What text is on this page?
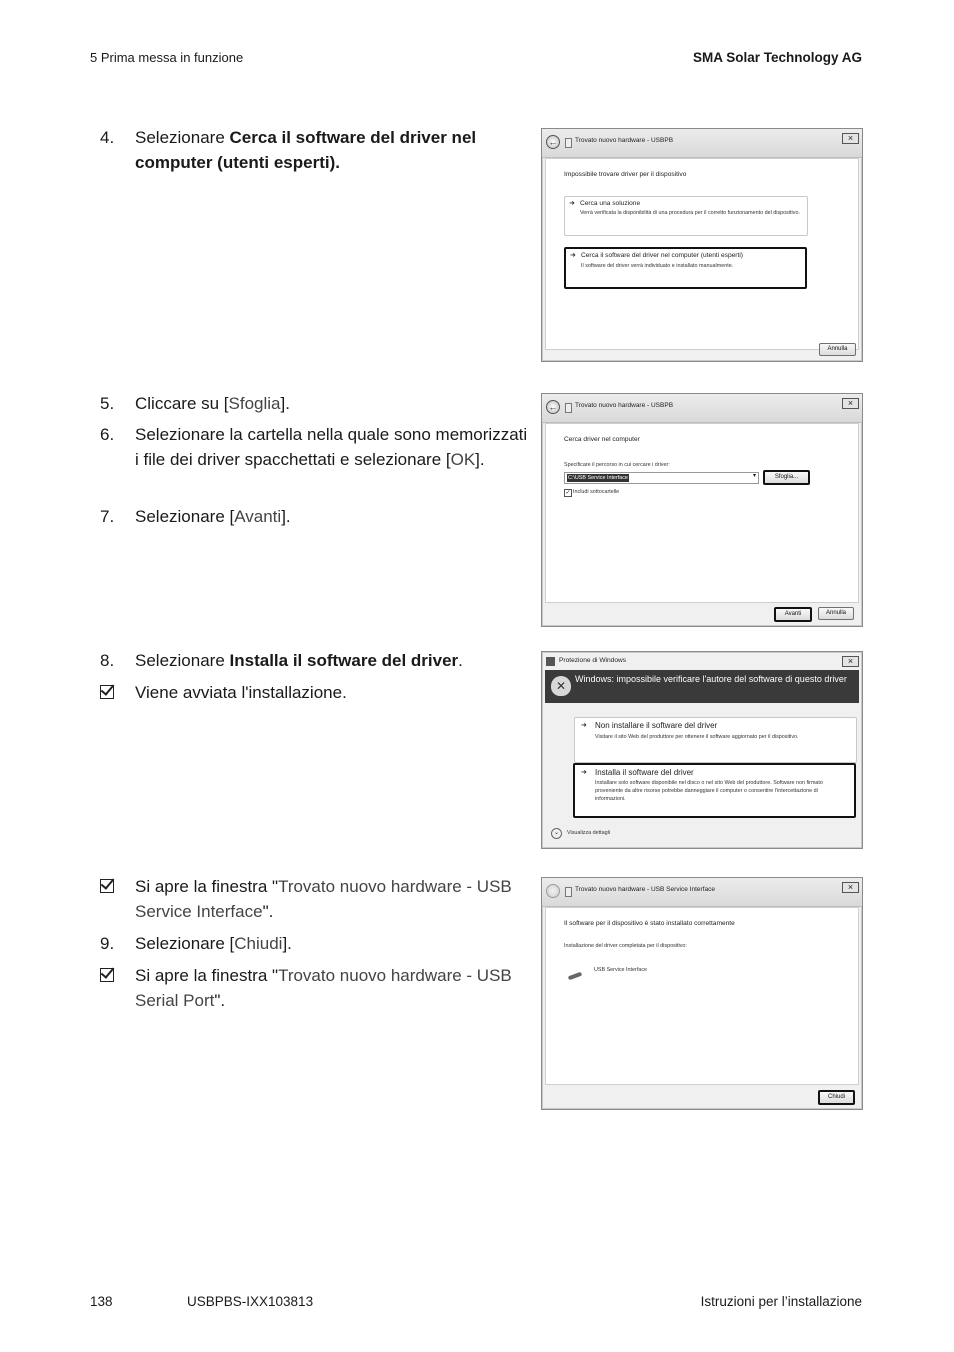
5 Prima messa in funzione	SMA Solar Technology AG
4.	Selezionare Cerca il software del driver nel computer (utenti esperti).
←	Trovato nuovo hardware - USBPB	×
Impossibile trovare driver per il dispositivo
➜ Cerca una soluzione
Verrà verificata la disponibilità di una procedura per il corretto funzionamento del dispositivo.
➜ Cerca il software del driver nel computer (utenti esperti)
Il software del driver verrà individuato e installato manualmente.
Annulla
5.	Cliccare su [Sfoglia].
6.	Selezionare la cartella nella quale sono memorizzati i file dei driver spacchettati e selezionare [OK].
7.	Selezionare [Avanti].
←	Trovato nuovo hardware - USBPB	×
Cerca driver nel computer
Specificare il percorso in cui cercare i driver:
C:\USB Service Interface	▾	Sfoglia...
✓ Includi sottocartelle
Avanti	Annulla
8.	Selezionare Installa il software del driver.
Viene avviata l'installazione.
Protezione di Windows	×
✕ Windows: impossibile verificare l'autore del software di questo driver
➜ Non installare il software del driver
Visitare il sito Web del produttore per ottenere il software aggiornato per il dispositivo.
➜ Installa il software del driver
Installare solo software disponibile nel disco o nel sito Web del produttore. Software non firmato proveniente da altre risorse potrebbe danneggiare il computer o consentire l'intercettazione di informazioni.
⌄	Visualizza dettagli
Si apre la finestra "Trovato nuovo hardware - USB Service Interface".
9.	Selezionare [Chiudi].
Si apre la finestra "Trovato nuovo hardware - USB Serial Port".
Trovato nuovo hardware - USB Service Interface	×
Il software per il dispositivo è stato installato correttamente
Installazione del driver completata per il dispositivo:
USB Service Interface
Chiudi
138	USBPBS-IXX103813	Istruzioni per l’installazione
